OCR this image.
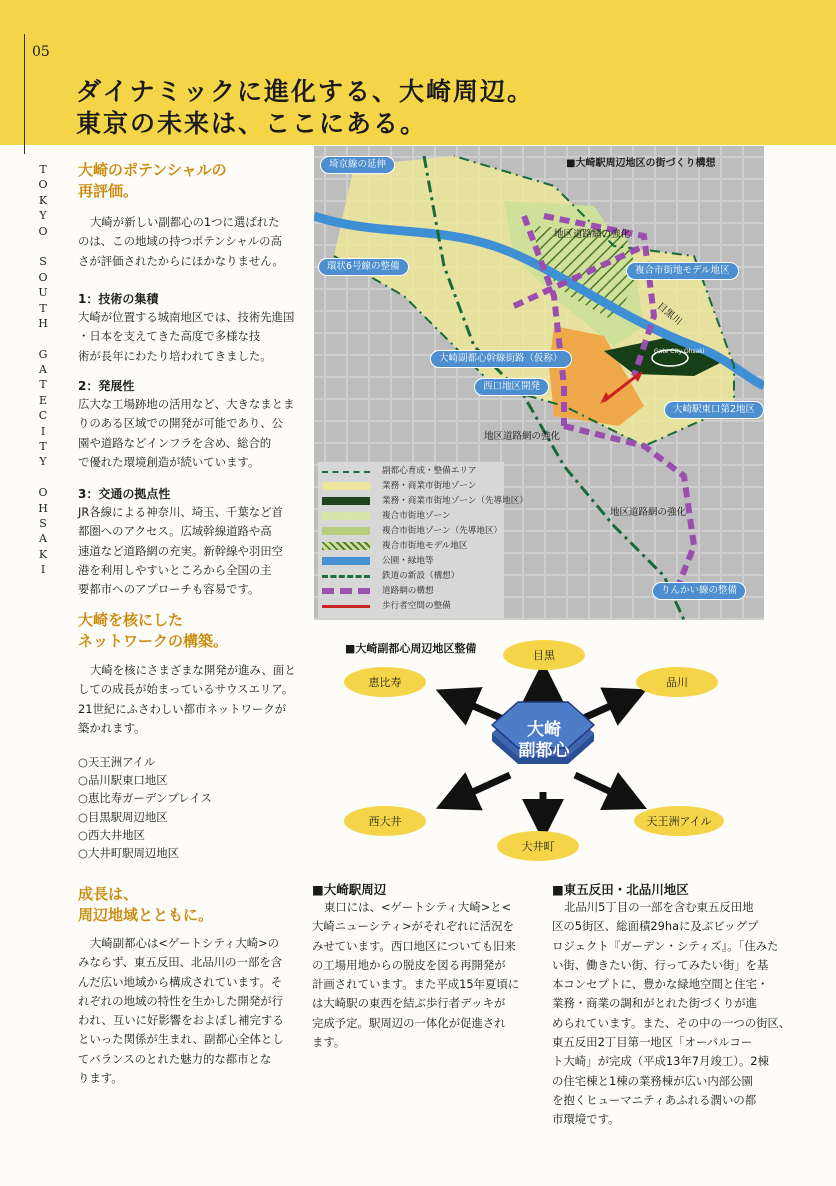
05
ダイナミックに進化する、大崎周辺。
東京の未来は、ここにある。
T
O
K
Y
O
S
O
U
T
H
G
A
T
E
C
I
T
Y
O
H
S
A
K
I
大崎のポテンシャルの
再評価。
大崎が新しい副都心の1つに選ばれた
のは、この地域の持つポテンシャルの高
さが評価されたからにほかなりません。
1：技術の集積
大崎が位置する城南地区では、技術先進国
・日本を支えてきた高度で多様な技
術が長年にわたり培われてきました。
2：発展性
広大な工場跡地の活用など、大きなまとま
りのある区域での開発が可能であり、公
園や道路などインフラを含め、総合的
で優れた環境創造が続いています。
3：交通の拠点性
JR各線による神奈川、埼玉、千葉など首
都圏へのアクセス。広域幹線道路や高
速道など道路網の充実。新幹線や羽田空
港を利用しやすいところから全国の主
要都市へのアプローチも容易です。
大崎を核にした
ネットワークの構築。
大崎を核にさまざまな開発が進み、面と
しての成長が始まっているサウスエリア。
21世紀にふさわしい都市ネットワークが
築かれます。
○天王洲アイル
○品川駅東口地区
○恵比寿ガーデンプレイス
○目黒駅周辺地区
○西大井地区
○大井町駅周辺地区
成長は、
周辺地域とともに。
大崎副都心は<ゲートシティ大崎>の
みならず、東五反田、北品川の一部を含
んだ広い地域から構成されています。そ
れぞれの地域の特性を生かした開発が行
われ、互いに好影響をおよぼし補完する
といった関係が生まれ、副都心全体とし
てバランスのとれた魅力的な都市とな
ります。
■大崎駅周辺地区の街づくり構想
埼京線の延伸
環状6号線の整備	複合市街地モデル地区
大崎副都心幹線街路（仮称）
西口地区開発
大崎駅東口第2地区
りんかい線の整備
地区道路網の強化
目黒川
地区道路網の強化
地区道路網の強化
Gate City Ohsaki
副都心育成・整備エリア
業務・商業市街地ゾーン
業務・商業市街地ゾーン（先導地区）
複合市街地ゾーン
複合市街地ゾーン（先導地区）
複合市街地モデル地区
公園・緑地等
鉄道の新設（構想）
道路網の構想
歩行者空間の整備
■大崎副都心周辺地区整備
大崎
副都心
目黒
恵比寿	品川
西大井	天王洲アイル
大井町
■大崎駅周辺
東口には、<ゲートシティ大崎>と<
大崎ニューシティ>がそれぞれに活況を
みせています。西口地区についても旧来
の工場用地からの脱皮を図る再開発が
計画されています。また平成15年夏頃に
は大崎駅の東西を結ぶ歩行者デッキが
完成予定。駅周辺の一体化が促進され
ます。
■東五反田・北品川地区
北品川5丁目の一部を含む東五反田地
区の5街区、総面積29haに及ぶビッグプ
ロジェクト『ガーデン・シティズ』。「住みた
い街、働きたい街、行ってみたい街」を基
本コンセプトに、豊かな緑地空間と住宅・
業務・商業の調和がとれた街づくりが進
められています。また、その中の一つの街区、
東五反田2丁目第一地区「オーバルコー
ト大崎」が完成（平成13年7月竣工）。2棟
の住宅棟と1棟の業務棟が広い内部公園
を抱くヒューマニティあふれる潤いの都
市環境です。
